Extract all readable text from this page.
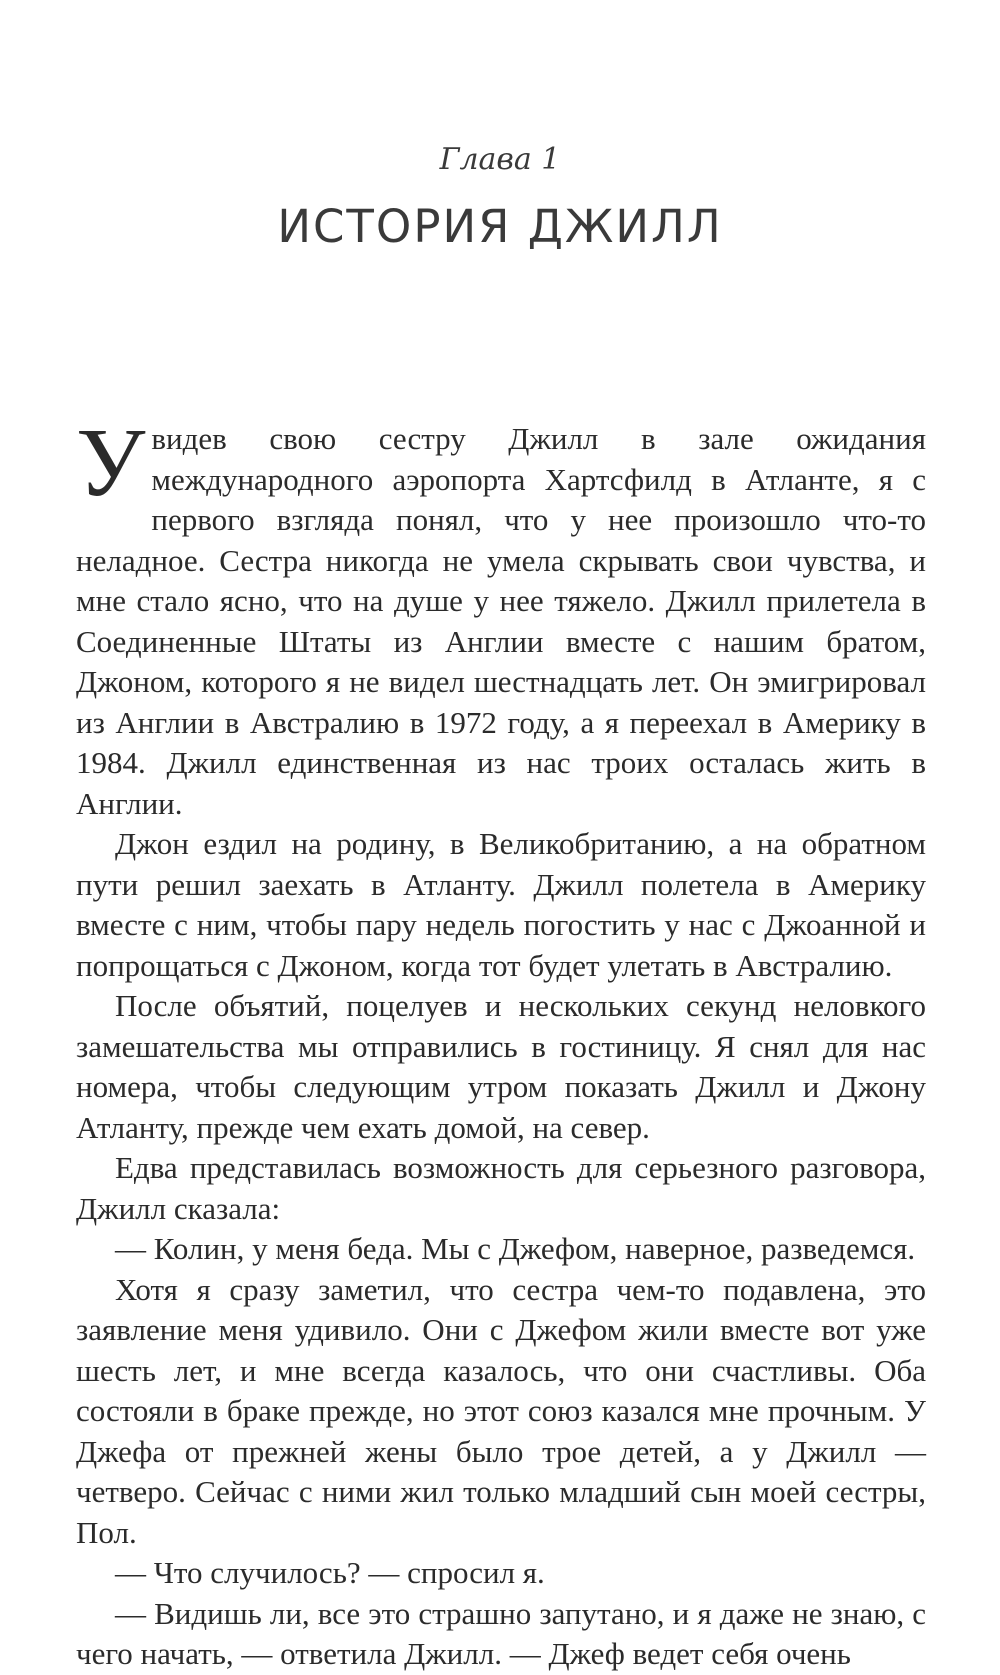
Глава 1
ИСТОРИЯ ДЖИЛЛ

Увидев свою сестру Джилл в зале ожидания международного аэропорта Хартсфилд в Атланте, я с первого взгляда понял, что у нее произошло что-то неладное. Сестра никогда не умела скрывать свои чувства, и мне стало ясно, что на душе у нее тяжело. Джилл прилетела в Соединенные Штаты из Англии вместе с нашим братом, Джоном, которого я не видел шестнадцать лет. Он эмигрировал из Англии в Австралию в 1972 году, а я переехал в Америку в 1984. Джилл единственная из нас троих осталась жить в Англии.

Джон ездил на родину, в Великобританию, а на обратном пути решил заехать в Атланту. Джилл полетела в Америку вместе с ним, чтобы пару недель погостить у нас с Джоанной и попрощаться с Джоном, когда тот будет улетать в Австралию.

После объятий, поцелуев и нескольких секунд неловкого замешательства мы отправились в гостиницу. Я снял для нас номера, чтобы следующим утром показать Джилл и Джону Атланту, прежде чем ехать домой, на север.

Едва представилась возможность для серьезного разговора, Джилл сказала:

— Колин, у меня беда. Мы с Джефом, наверное, разведемся.

Хотя я сразу заметил, что сестра чем-то подавлена, это заявление меня удивило. Они с Джефом жили вместе вот уже шесть лет, и мне всегда казалось, что они счастливы. Оба состояли в браке прежде, но этот союз казался мне прочным. У Джефа от прежней жены было трое детей, а у Джилл — четверо. Сейчас с ними жил только младший сын моей сестры, Пол.

— Что случилось? — спросил я.

— Видишь ли, все это страшно запутано, и я даже не знаю, с чего начать, — ответила Джилл. — Джеф ведет себя очень
